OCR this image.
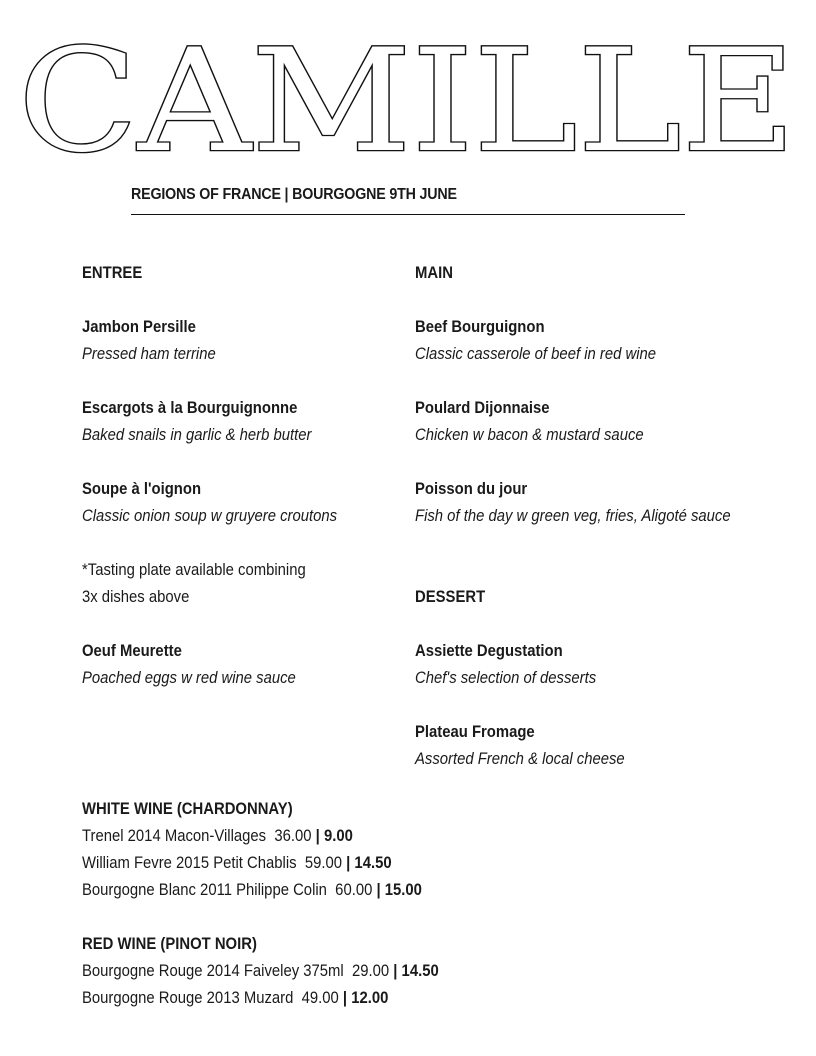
CAMILLE
REGIONS OF FRANCE | BOURGOGNE 9TH JUNE
ENTREE
Jambon Persille
Pressed ham terrine
Escargots à la Bourguignonne
Baked snails in garlic & herb butter
Soupe à l'oignon
Classic onion soup w gruyere croutons
*Tasting plate available combining
3x dishes above
Oeuf Meurette
Poached eggs w red wine sauce
MAIN
Beef Bourguignon
Classic casserole of beef in red wine
Poulard Dijonnaise
Chicken w bacon & mustard sauce
Poisson du jour
Fish of the day w green veg, fries, Aligoté sauce
DESSERT
Assiette Degustation
Chef's selection of desserts
Plateau Fromage
Assorted French & local cheese
WHITE WINE (CHARDONNAY)
Trenel 2014 Macon-Villages 36.00 | 9.00
William Fevre 2015 Petit Chablis 59.00 | 14.50
Bourgogne Blanc 2011 Philippe Colin 60.00 | 15.00
RED WINE (PINOT NOIR)
Bourgogne Rouge 2014 Faiveley 375ml 29.00 | 14.50
Bourgogne Rouge 2013 Muzard 49.00 | 12.00
